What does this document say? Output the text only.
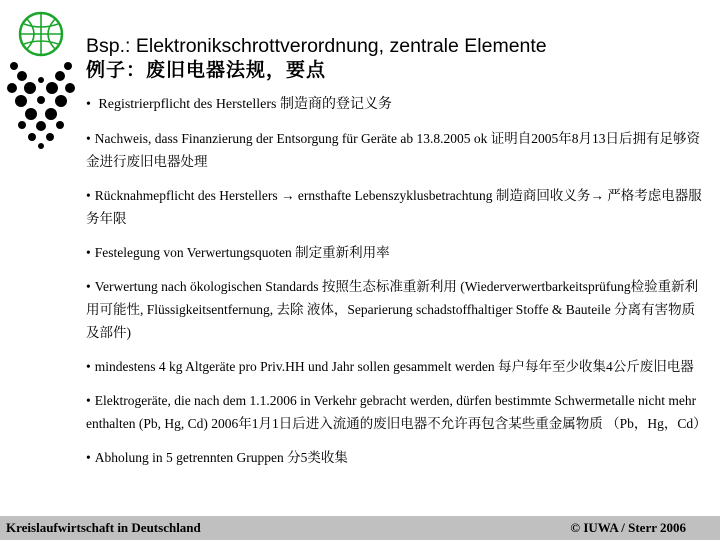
Bsp.: Elektronikschrottverordnung, zentrale Elemente
例子：废旧电器法规，要点
• Registrierpflicht des Herstellers 制造商的登记义务
• Nachweis, dass Finanzierung der Entsorgung für Geräte ab 13.8.2005 ok 证明自2005年8月13日后拥有足够资金进行废旧电器处理
• Rücknahmepflicht des Herstellers → ernsthafte Lebenszyklusbetrachtung 制造商回收义务→ 严格考虑电器服务年限
• Festelegung von Verwertungsquoten 制定重新利用率
• Verwertung nach ökologischen Standards 按照生态标准重新利用 (Wiederverwertbarkeitsprüfung检验重新利用可能性, Flüssigkeitsentfernung, 去除 液体，Separierung schadstoffhaltiger Stoffe & Bauteile 分离有害物质及部件)
• mindestens 4 kg Altgeräte pro Priv.HH und Jahr sollen gesammelt werden 每户每年至少收集4公斤废旧电器
• Elektrogeräte, die nach dem 1.1.2006 in Verkehr gebracht werden, dürfen bestimmte Schwermetalle nicht mehr enthalten (Pb, Hg, Cd) 2006年1月1日后进入流通的废旧电器不允许再包含某些重金属物质 （Pb，Hg，Cd）
• Abholung in 5 getrennten Gruppen 分5类收集
Kreislaufwirtschaft in Deutschland	© IUWA / Sterr 2006
